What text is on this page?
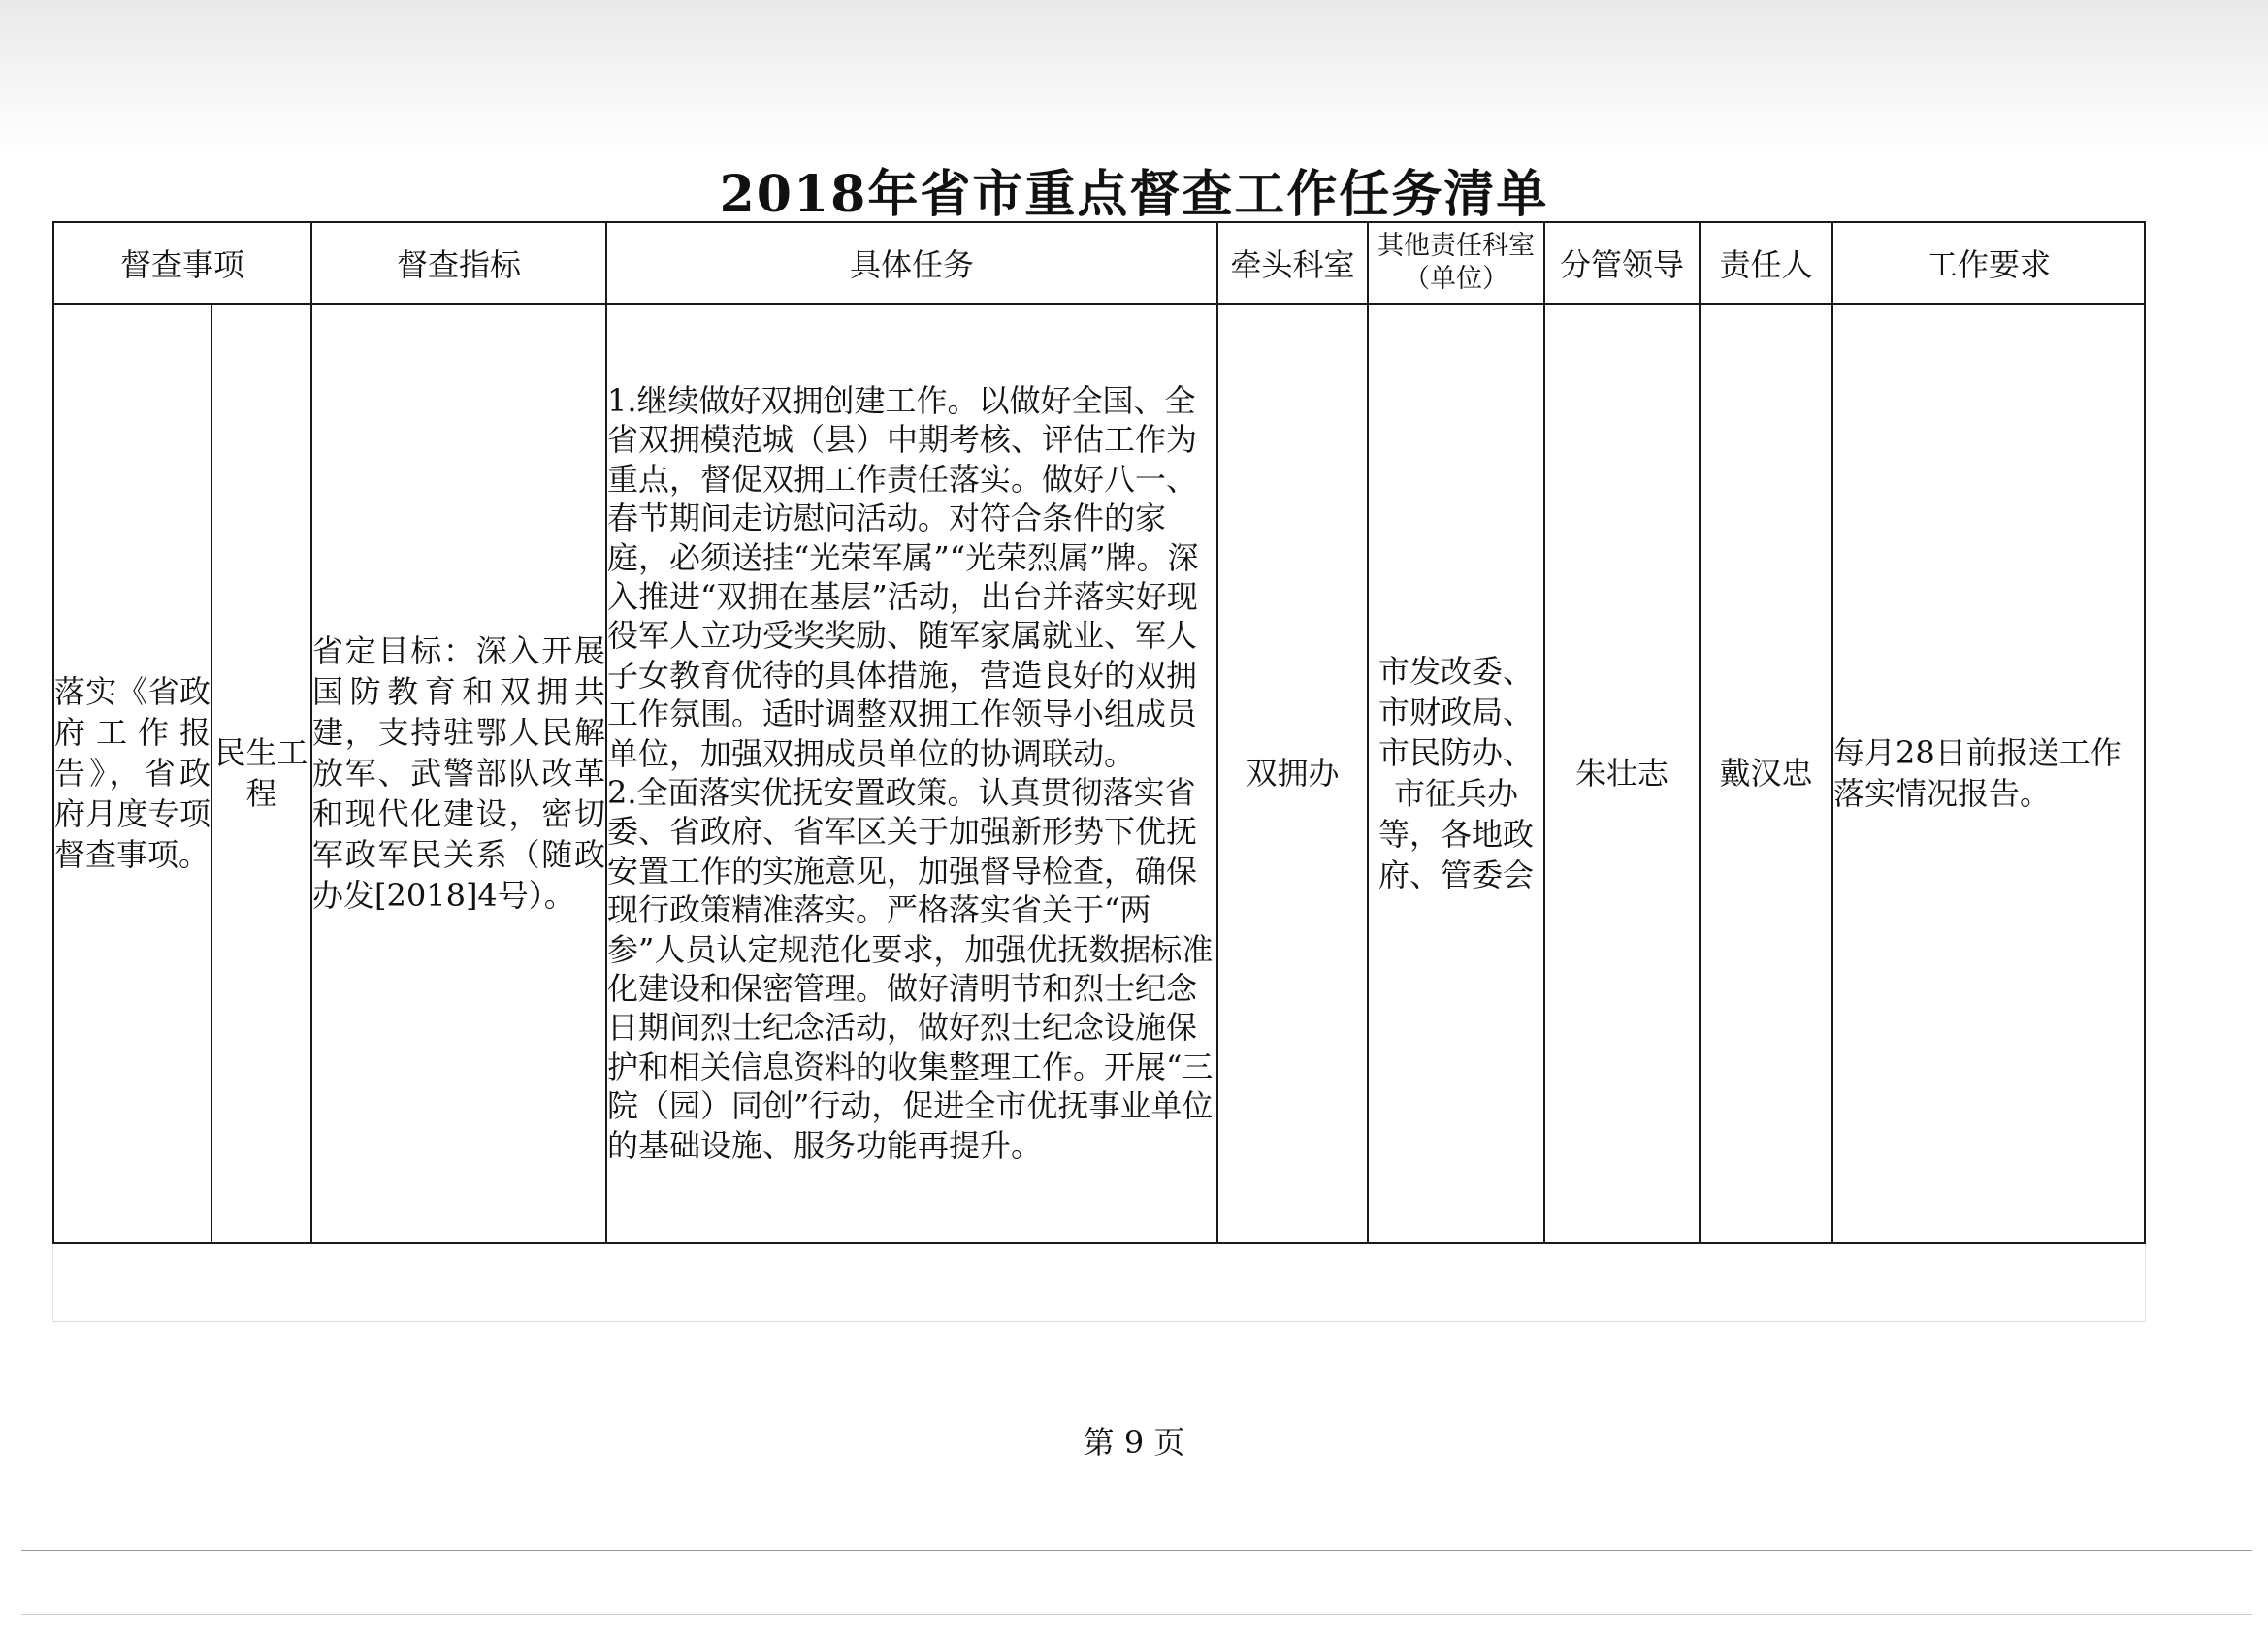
2018年省市重点督查工作任务清单
督查事项		督查指标	具体任务	牵头科室	其他责任科室
（单位）	分管领导	责任人	工作要求
落实《省政府工作报告》，省政府月度专项督查事项。	民生工程	省定目标：深入开展国防教育和双拥共建，支持驻鄂人民解放军、武警部队改革和现代化建设，密切军政军民关系（随政办发[2018]4号）。	1.继续做好双拥创建工作。以做好全国、全省双拥模范城（县）中期考核、评估工作为重点，督促双拥工作责任落实。做好八一、春节期间走访慰问活动。对符合条件的家庭，必须送挂“光荣军属”“光荣烈属”牌。深入推进“双拥在基层”活动，出台并落实好现役军人立功受奖奖励、随军家属就业、军人子女教育优待的具体措施，营造良好的双拥工作氛围。适时调整双拥工作领导小组成员单位，加强双拥成员单位的协调联动。

2.全面落实优抚安置政策。认真贯彻落实省委、省政府、省军区关于加强新形势下优抚安置工作的实施意见，加强督导检查，确保现行政策精准落实。严格落实省关于“两参”人员认定规范化要求，加强优抚数据标准化建设和保密管理。做好清明节和烈士纪念日期间烈士纪念活动，做好烈士纪念设施保护和相关信息资料的收集整理工作。开展“三院（园）同创”行动，促进全市优抚事业单位的基础设施、服务功能再提升。	双拥办	市发改委、市财政局、市民防办、市征兵办等，各地政府、管委会	朱壮志	戴汉忠	每月28日前报送工作落实情况报告。
第 9 页
